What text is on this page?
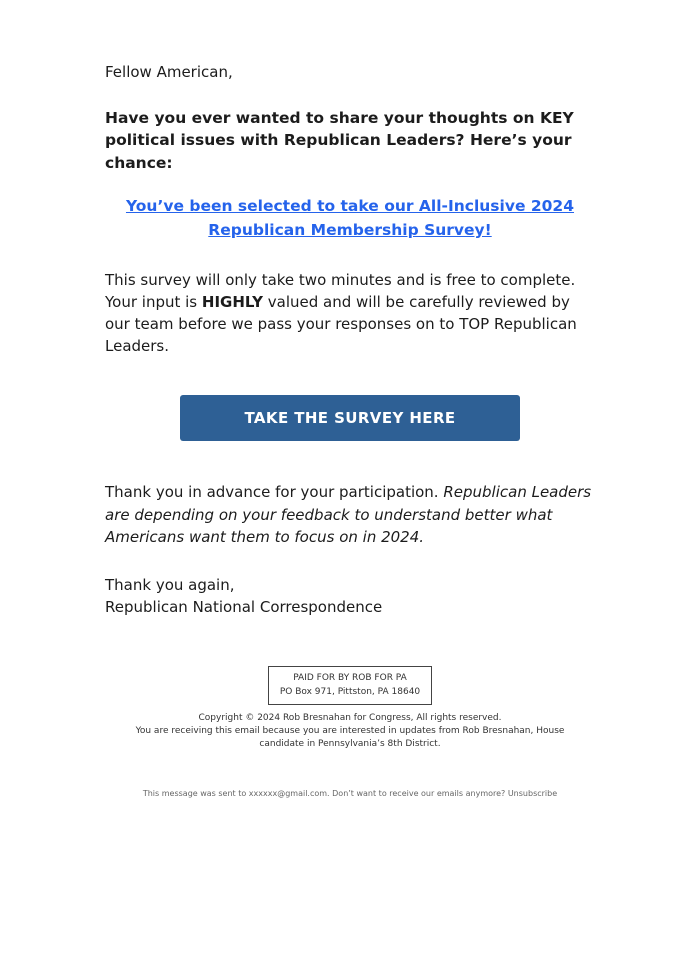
Fellow American,

Have you ever wanted to share your thoughts on KEY political issues with Republican Leaders? Here’s your chance:

You’ve been selected to take our All-Inclusive 2024 Republican Membership Survey!

This survey will only take two minutes and is free to complete. Your input is HIGHLY valued and will be carefully reviewed by our team before we pass your responses on to TOP Republican Leaders.

TAKE THE SURVEY HERE

Thank you in advance for your participation. Republican Leaders are depending on your feedback to understand better what Americans want them to focus on in 2024.

Thank you again,
Republican National Correspondence

PAID FOR BY ROB FOR PA
PO Box 971, Pittston, PA 18640
Copyright © 2024 Rob Bresnahan for Congress, All rights reserved.
You are receiving this email because you are interested in updates from Rob Bresnahan, House candidate in Pennsylvania’s 8th District.
This message was sent to xxxxxx@gmail.com. Don’t want to receive our emails anymore? Unsubscribe
